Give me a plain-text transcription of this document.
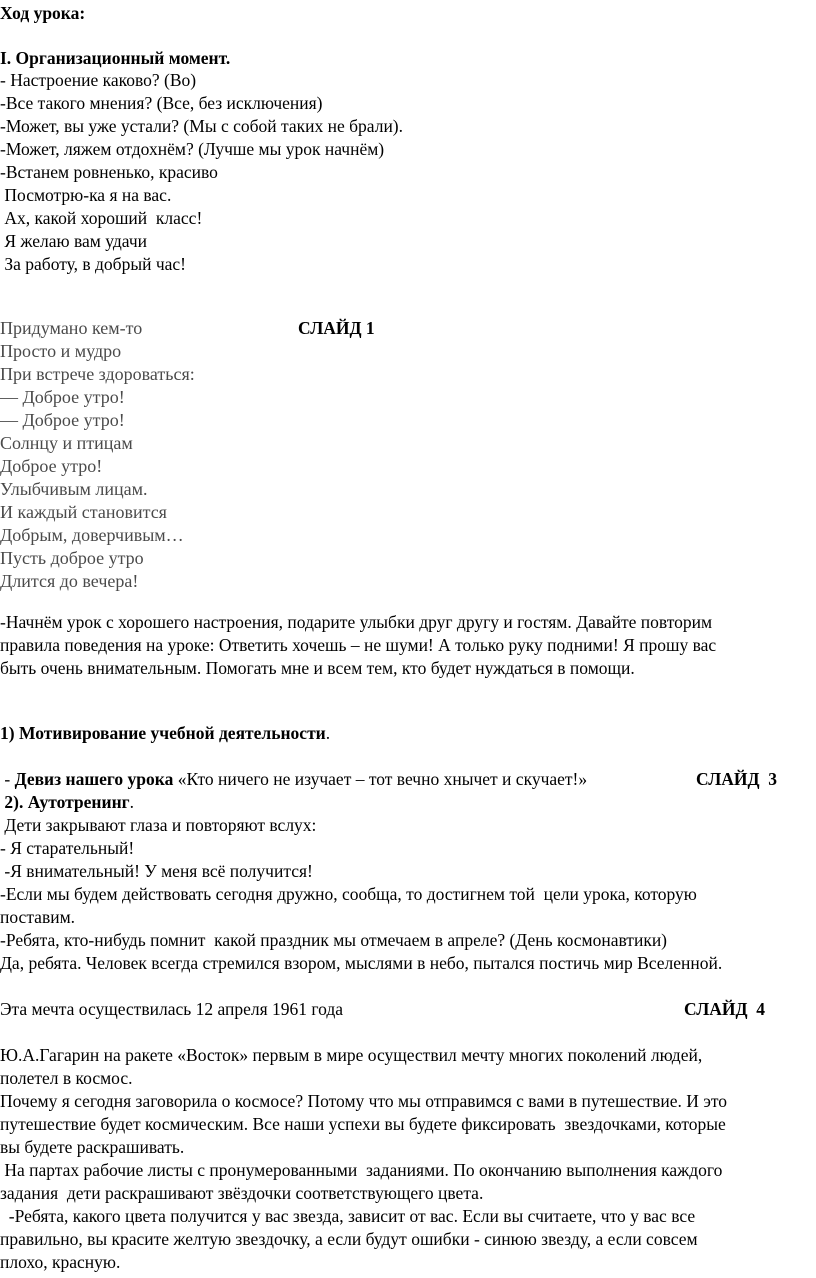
Ход урока:
I. Организационный момент.
- Настроение каково? (Во)
-Все такого мнения? (Все, без исключения)
-Может, вы уже устали? (Мы с собой таких не брали).
-Может, ляжем отдохнём? (Лучше мы урок начнём)
-Встанем ровненько, красиво
Посмотрю-ка я на вас.
Ах, какой хороший  класс!
Я желаю вам удачи
За работу, в добрый час!
Придумано кем-то	СЛАЙД 1
Просто и мудро
При встрече здороваться:
— Доброе утро!
— Доброе утро!
Солнцу и птицам
Доброе утро!
Улыбчивым лицам.
И каждый становится
Добрым, доверчивым…
Пусть доброе утро
Длится до вечера!
-Начнём урок с хорошего настроения, подарите улыбки друг другу и гостям. Давайте повторим
правила поведения на уроке: Ответить хочешь – не шуми! А только руку подними! Я прошу вас
быть очень внимательным. Помогать мне и всем тем, кто будет нуждаться в помощи.
1) Мотивирование учебной деятельности.
- Девиз нашего урока «Кто ничего не изучает – тот вечно хнычет и скучает!»	СЛАЙД  3
2). Аутотренинг.
Дети закрывают глаза и повторяют вслух:
- Я старательный!
-Я внимательный! У меня всё получится!
-Если мы будем действовать сегодня дружно, сообща, то достигнем той  цели урока, которую
поставим.
-Ребята, кто-нибудь помнит  какой праздник мы отмечаем в апреле? (День космонавтики)
Да, ребята. Человек всегда стремился взором, мыслями в небо, пытался постичь мир Вселенной.
Эта мечта осуществилась 12 апреля 1961 года	СЛАЙД  4
Ю.А.Гагарин на ракете «Восток» первым в мире осуществил мечту многих поколений людей,
полетел в космос.
Почему я сегодня заговорила о космосе? Потому что мы отправимся с вами в путешествие. И это
путешествие будет космическим. Все наши успехи вы будете фиксировать  звездочками, которые
вы будете раскрашивать.
На партах рабочие листы с пронумерованными  заданиями. По окончанию выполнения каждого
задания  дети раскрашивают звёздочки соответствующего цвета.
-Ребята, какого цвета получится у вас звезда, зависит от вас. Если вы считаете, что у вас все
правильно, вы красите желтую звездочку, а если будут ошибки - синюю звезду, а если совсем
плохо, красную.
